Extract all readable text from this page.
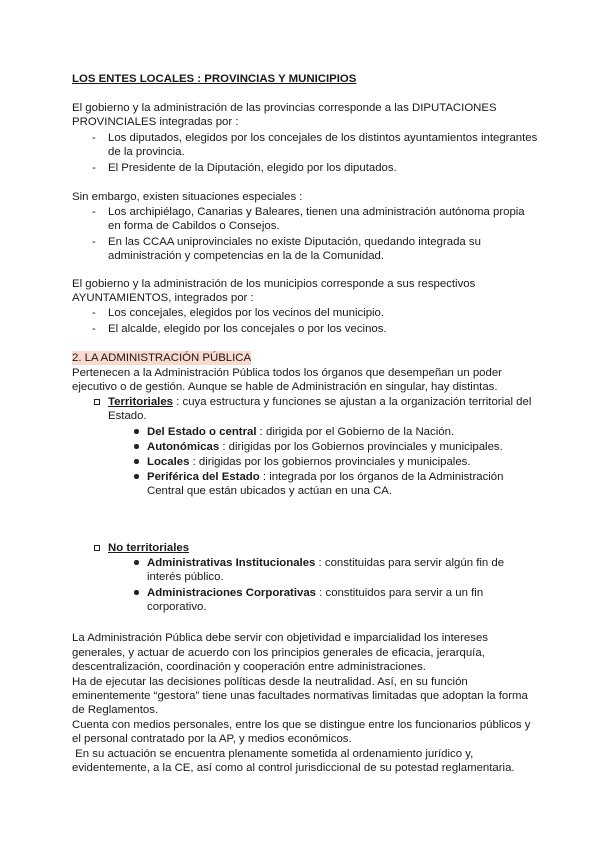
LOS ENTES LOCALES : PROVINCIAS Y MUNICIPIOS
El gobierno y la administración de las provincias corresponde a las DIPUTACIONES
PROVINCIALES integradas por :
- Los diputados, elegidos por los concejales de los distintos ayuntamientos integrantes
de la provincia.
- El Presidente de la Diputación, elegido por los diputados.
Sin embargo, existen situaciones especiales :
- Los archipiélago, Canarias y Baleares, tienen una administración autónoma propia
en forma de Cabildos o Consejos.
- En las CCAA uniprovinciales no existe Diputación, quedando integrada su
administración y competencias en la de la Comunidad.
El gobierno y la administración de los municipios corresponde a sus respectivos
AYUNTAMIENTOS, integrados por :
- Los concejales, elegidos por los vecinos del municipio.
- El alcalde, elegido por los concejales o por los vecinos.
2. LA ADMINISTRACIÓN PÚBLICA
Pertenecen a la Administración Pública todos los órganos que desempeñan un poder
ejecutivo o de gestión. Aunque se hable de Administración en singular, hay distintas.
Territoriales : cuya estructura y funciones se ajustan a la organización territorial del
Estado.
Del Estado o central : dirigida por el Gobierno de la Nación.
Autonómicas : dirigidas por los Gobiernos provinciales y municipales.
Locales : dirigidas por los gobiernos provinciales y municipales.
Periférica del Estado : integrada por los órganos de la Administración
Central que están ubicados y actúan en una CA.
No territoriales
Administrativas Institucionales : constituidas para servir algún fin de
interés público.
Administraciones Corporativas : constituidos para servir a un fin
corporativo.
La Administración Pública debe servir con objetividad e imparcialidad los intereses
generales, y actuar de acuerdo con los principios generales de eficacia, jerarquía,
descentralización, coordinación y cooperación entre administraciones.
Ha de ejecutar las decisiones políticas desde la neutralidad. Así, en su función
eminentemente “gestora” tiene unas facultades normativas limitadas que adoptan la forma
de Reglamentos.
Cuenta con medios personales, entre los que se distingue entre los funcionarios públicos y
el personal contratado por la AP, y medios económicos.
En su actuación se encuentra plenamente sometida al ordenamiento jurídico y,
evidentemente, a la CE, así como al control jurisdiccional de su potestad reglamentaria.
